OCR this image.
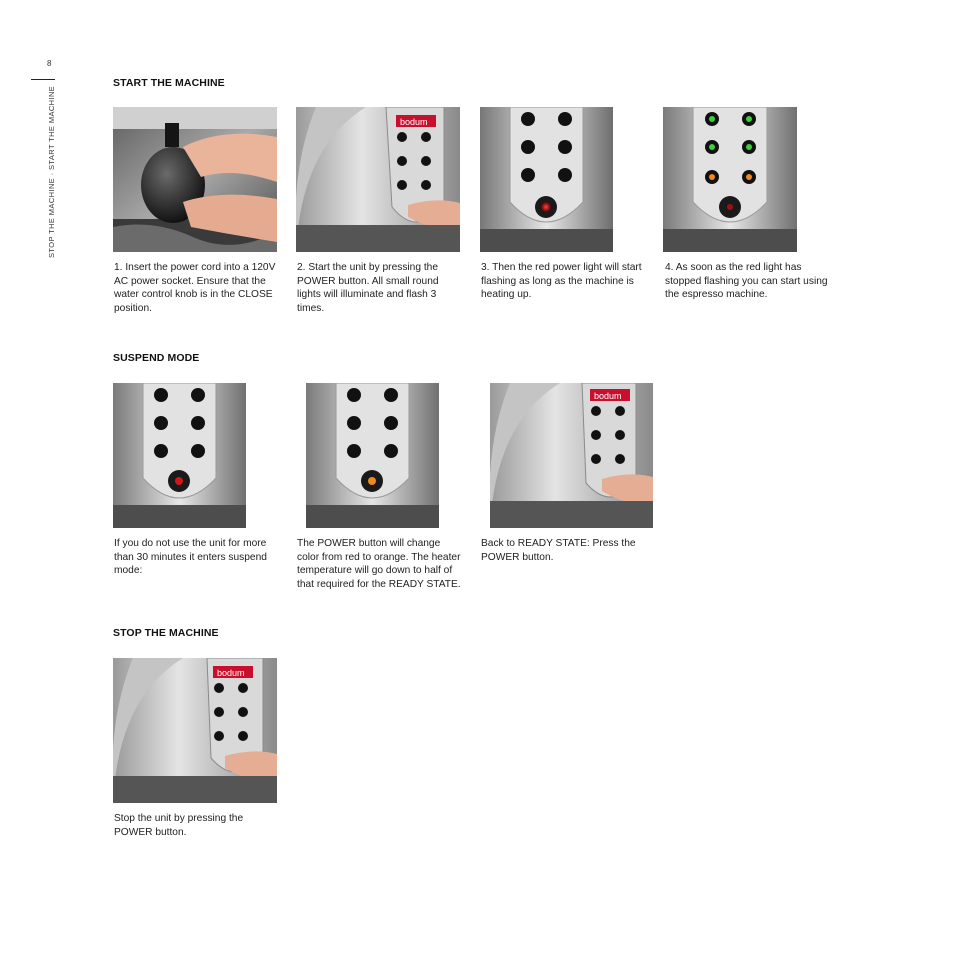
8
STOP THE MACHINE · START THE MACHINE
START THE MACHINE
1. Insert the power cord into a 120V AC power socket. Ensure that the water control knob is in the CLOSE position.
bodum
2. Start the unit by pressing the POWER button. All small round lights will illuminate and flash 3 times.
3. Then the red power light will start flashing as long as the machine is heating up.
4. As soon as the red light has stopped flashing you can start using the espresso machine.
SUSPEND MODE
If you do not use the unit for more than 30 minutes it enters suspend mode:
The POWER button will change color from red to orange. The heater temperature will go down to half of that required for the READY STATE.
bodum
Back to READY STATE: Press the POWER button.
STOP THE MACHINE
bodum
Stop the unit by pressing the POWER button.
